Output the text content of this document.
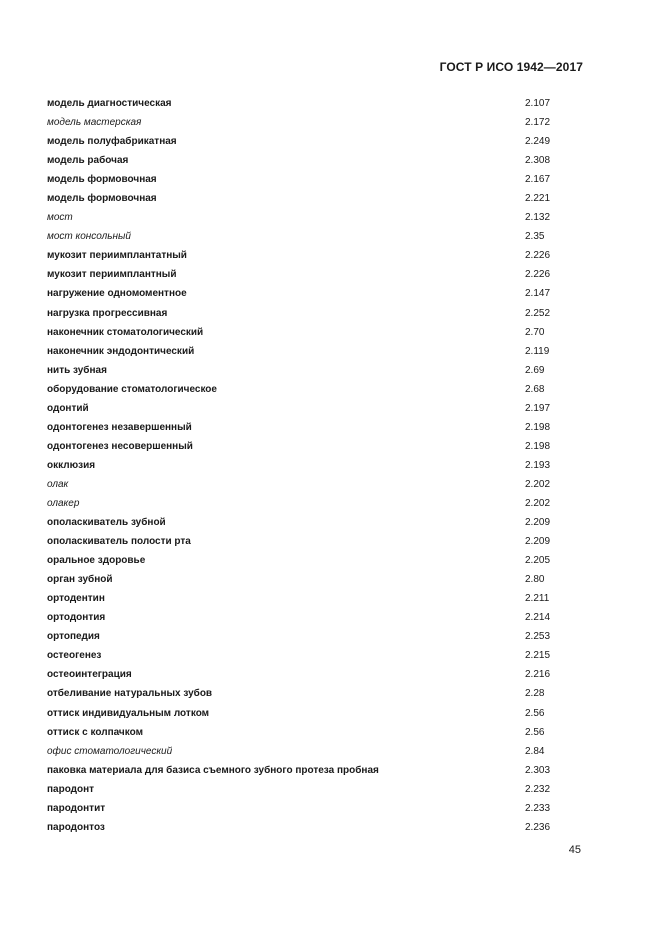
ГОСТ Р ИСО 1942—2017
модель диагностическая	2.107
модель мастерская	2.172
модель полуфабрикатная	2.249
модель рабочая	2.308
модель формовочная	2.167
модель формовочная	2.221
мост	2.132
мост консольный	2.35
мукозит периимплантатный	2.226
мукозит периимплантный	2.226
нагружение одномоментное	2.147
нагрузка прогрессивная	2.252
наконечник стоматологический	2.70
наконечник эндодонтический	2.119
нить зубная	2.69
оборудование стоматологическое	2.68
одонтий	2.197
одонтогенез незавершенный	2.198
одонтогенез несовершенный	2.198
окклюзия	2.193
олак	2.202
олакер	2.202
ополаскиватель зубной	2.209
ополаскиватель полости рта	2.209
оральное здоровье	2.205
орган зубной	2.80
ортодентин	2.211
ортодонтия	2.214
ортопедия	2.253
остеогенез	2.215
остеоинтеграция	2.216
отбеливание натуральных зубов	2.28
оттиск индивидуальным лотком	2.56
оттиск с колпачком	2.56
офис стоматологический	2.84
паковка материала для базиса съемного зубного протеза пробная	2.303
пародонт	2.232
пародонтит	2.233
пародонтоз	2.236
45
